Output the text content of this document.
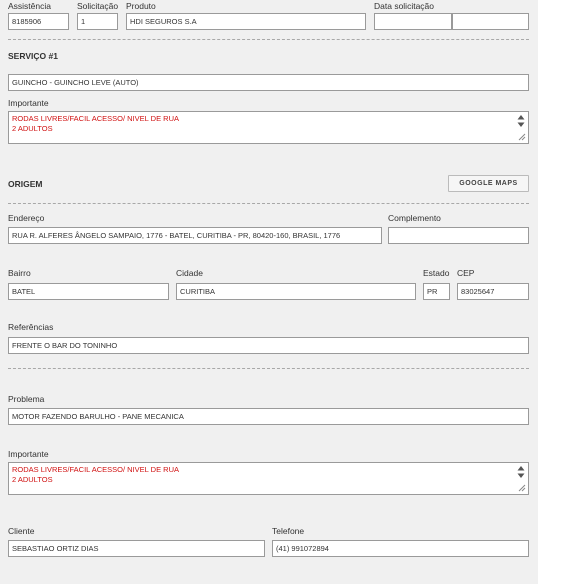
Assistência
8185906
Solicitação
1
Produto
HDI SEGUROS S.A
Data solicitação
SERVIÇO #1
GUINCHO - GUINCHO LEVE (AUTO)
Importante
RODAS LIVRES/FACIL ACESSO/ NIVEL DE RUA
2 ADULTOS
ORIGEM	GOOGLE MAPS
Endereço
RUA R. ALFERES ÂNGELO SAMPAIO, 1776 - BATEL, CURITIBA - PR, 80420-160, BRASIL, 1776
Complemento
Bairro
BATEL
Cidade
CURITIBA
Estado
PR
CEP
83025647
Referências
FRENTE O BAR DO TONINHO
Problema
MOTOR FAZENDO BARULHO - PANE MECANICA
Importante
RODAS LIVRES/FACIL ACESSO/ NIVEL DE RUA
2 ADULTOS
Cliente
SEBASTIAO ORTIZ DIAS
Telefone
(41) 991072894
